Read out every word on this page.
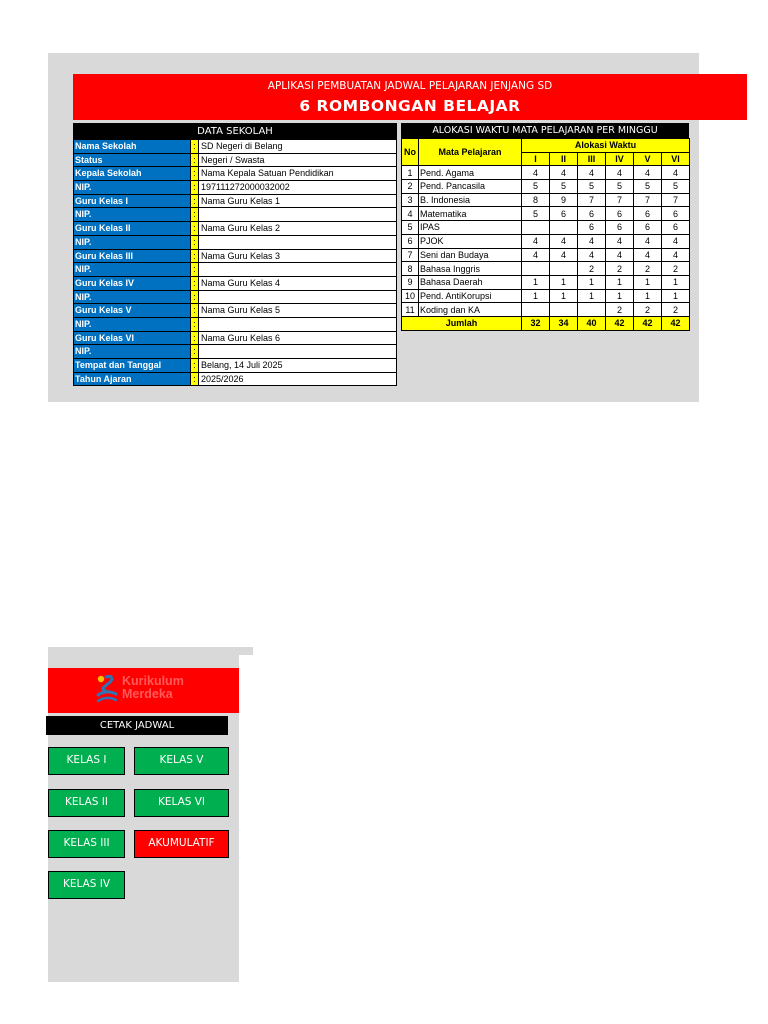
APLIKASI PEMBUATAN JADWAL PELAJARAN JENJANG SD
6 ROMBONGAN BELAJAR
DATA SEKOLAH
Nama Sekolah	: SD Negeri di Belang
Status	: Negeri / Swasta
Kepala Sekolah	: Nama Kepala Satuan Pendidikan
NIP.	: 197111272000032002
Guru Kelas I	: Nama Guru Kelas 1
NIP.	:
Guru Kelas II	: Nama Guru Kelas 2
NIP.	:
Guru Kelas III	: Nama Guru Kelas 3
NIP.	:
Guru Kelas IV	: Nama Guru Kelas 4
NIP.	:
Guru Kelas V	: Nama Guru Kelas 5
NIP.	:
Guru Kelas VI	: Nama Guru Kelas 6
NIP.	:
Tempat dan Tanggal	: Belang, 14 Juli 2025
Tahun Ajaran	: 2025/2026
ALOKASI WAKTU MATA PELAJARAN PER MINGGU
No	Mata Pelajaran	Alokasi Waktu					
		I	II	III	IV	V	VI
1	Pend. Agama	4	4	4	4	4	4
2	Pend. Pancasila	5	5	5	5	5	5
3	B. Indonesia	8	9	7	7	7	7
4	Matematika	5	6	6	6	6	6
5	IPAS			6	6	6	6
6	PJOK	4	4	4	4	4	4
7	Seni dan Budaya	4	4	4	4	4	4
8	Bahasa Inggris			2	2	2	2
9	Bahasa Daerah	1	1	1	1	1	1
10	Pend. AntiKorupsi	1	1	1	1	1	1
11	Koding dan KA				2	2	2
Jumlah		32	34	40	42	42	42
Kurikulum
Merdeka
CETAK JADWAL
KELAS I	KELAS V
KELAS II	KELAS VI
KELAS III	AKUMULATIF
KELAS IV
